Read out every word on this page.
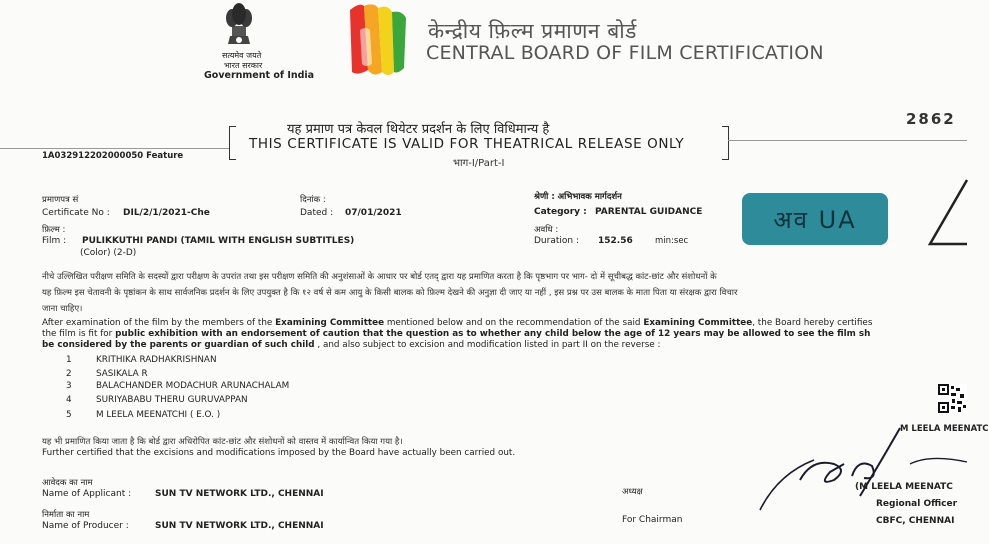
सत्यमेव जयते
भारत सरकार
Government of India
केन्द्रीय फ़िल्म प्रमाणन बोर्ड
CENTRAL BOARD OF FILM CERTIFICATION
2862
यह प्रमाण पत्र केवल थियेटर प्रदर्शन के लिए विधिमान्य है
THIS CERTIFICATE IS VALID FOR THEATRICAL RELEASE ONLY
भाग-I/Part-I
1A032912202000050 Feature
प्रमाणपत्र सं
Certificate No : DIL/2/1/2021-Che
दिनांक :
Dated : 07/01/2021
श्रेणी : अभिभावक मार्गदर्शन
Category : PARENTAL GUIDANCE
फ़िल्म :
Film : PULIKKUTHI PANDI (TAMIL WITH ENGLISH SUBTITLES)
(Color) (2-D)
अवधि :
Duration : 152.56	min:sec
अव UA
नीचे उल्लिखित परीक्षण समिति के सदस्यों द्वारा परीक्षण के उपरांत तथा इस परीक्षण समिति की अनुशंसाओं के आधार पर बोर्ड एतद् द्वारा यह प्रमाणित करता है कि पृष्ठभाग पर भाग- दो में सूचीबद्ध कांट-छांट और संशोधनों के
यह फ़िल्म इस चेतावनी के पृष्ठांकन के साथ सार्वजनिक प्रदर्शन के लिए उपयुक्त है कि १२ वर्ष से कम आयु के किसी बालक को फ़िल्म देखने की अनुज्ञा दी जाए या नहीं , इस प्रश्न पर उस बालक के माता पिता या संरक्षक द्वारा विचार
जाना चाहिए।
After examination of the film by the members of the Examining Committee mentioned below and on the recommendation of the said Examining Committee, the Board hereby certifies
the film is fit for public exhibition with an endorsement of caution that the question as to whether any child below the age of 12 years may be allowed to see the film sh
be considered by the parents or guardian of such child , and also subject to excision and modification listed in part II on the reverse :
1	KRITHIKA RADHAKRISHNAN
2	SASIKALA R
3	BALACHANDER MODACHUR ARUNACHALAM
4	SURIYABABU THERU GURUVAPPAN
5	M LEELA MEENATCHI ( E.O. )
यह भी प्रमाणित किया जाता है कि बोर्ड द्वारा अधिरोपित कांट-छांट और संशोधनों को वास्तव में कार्यान्वित किया गया है।
Further certified that the excisions and modifications imposed by the Board have actually been carried out.
आवेदक का नाम
Name of Applicant :	SUN TV NETWORK LTD., CHENNAI
निर्माता का नाम
Name of Producer :	SUN TV NETWORK LTD., CHENNAI
अध्यक्ष
For Chairman
M LEELA MEENATC
(M LEELA MEENATC
Regional Officer
CBFC, CHENNAI
